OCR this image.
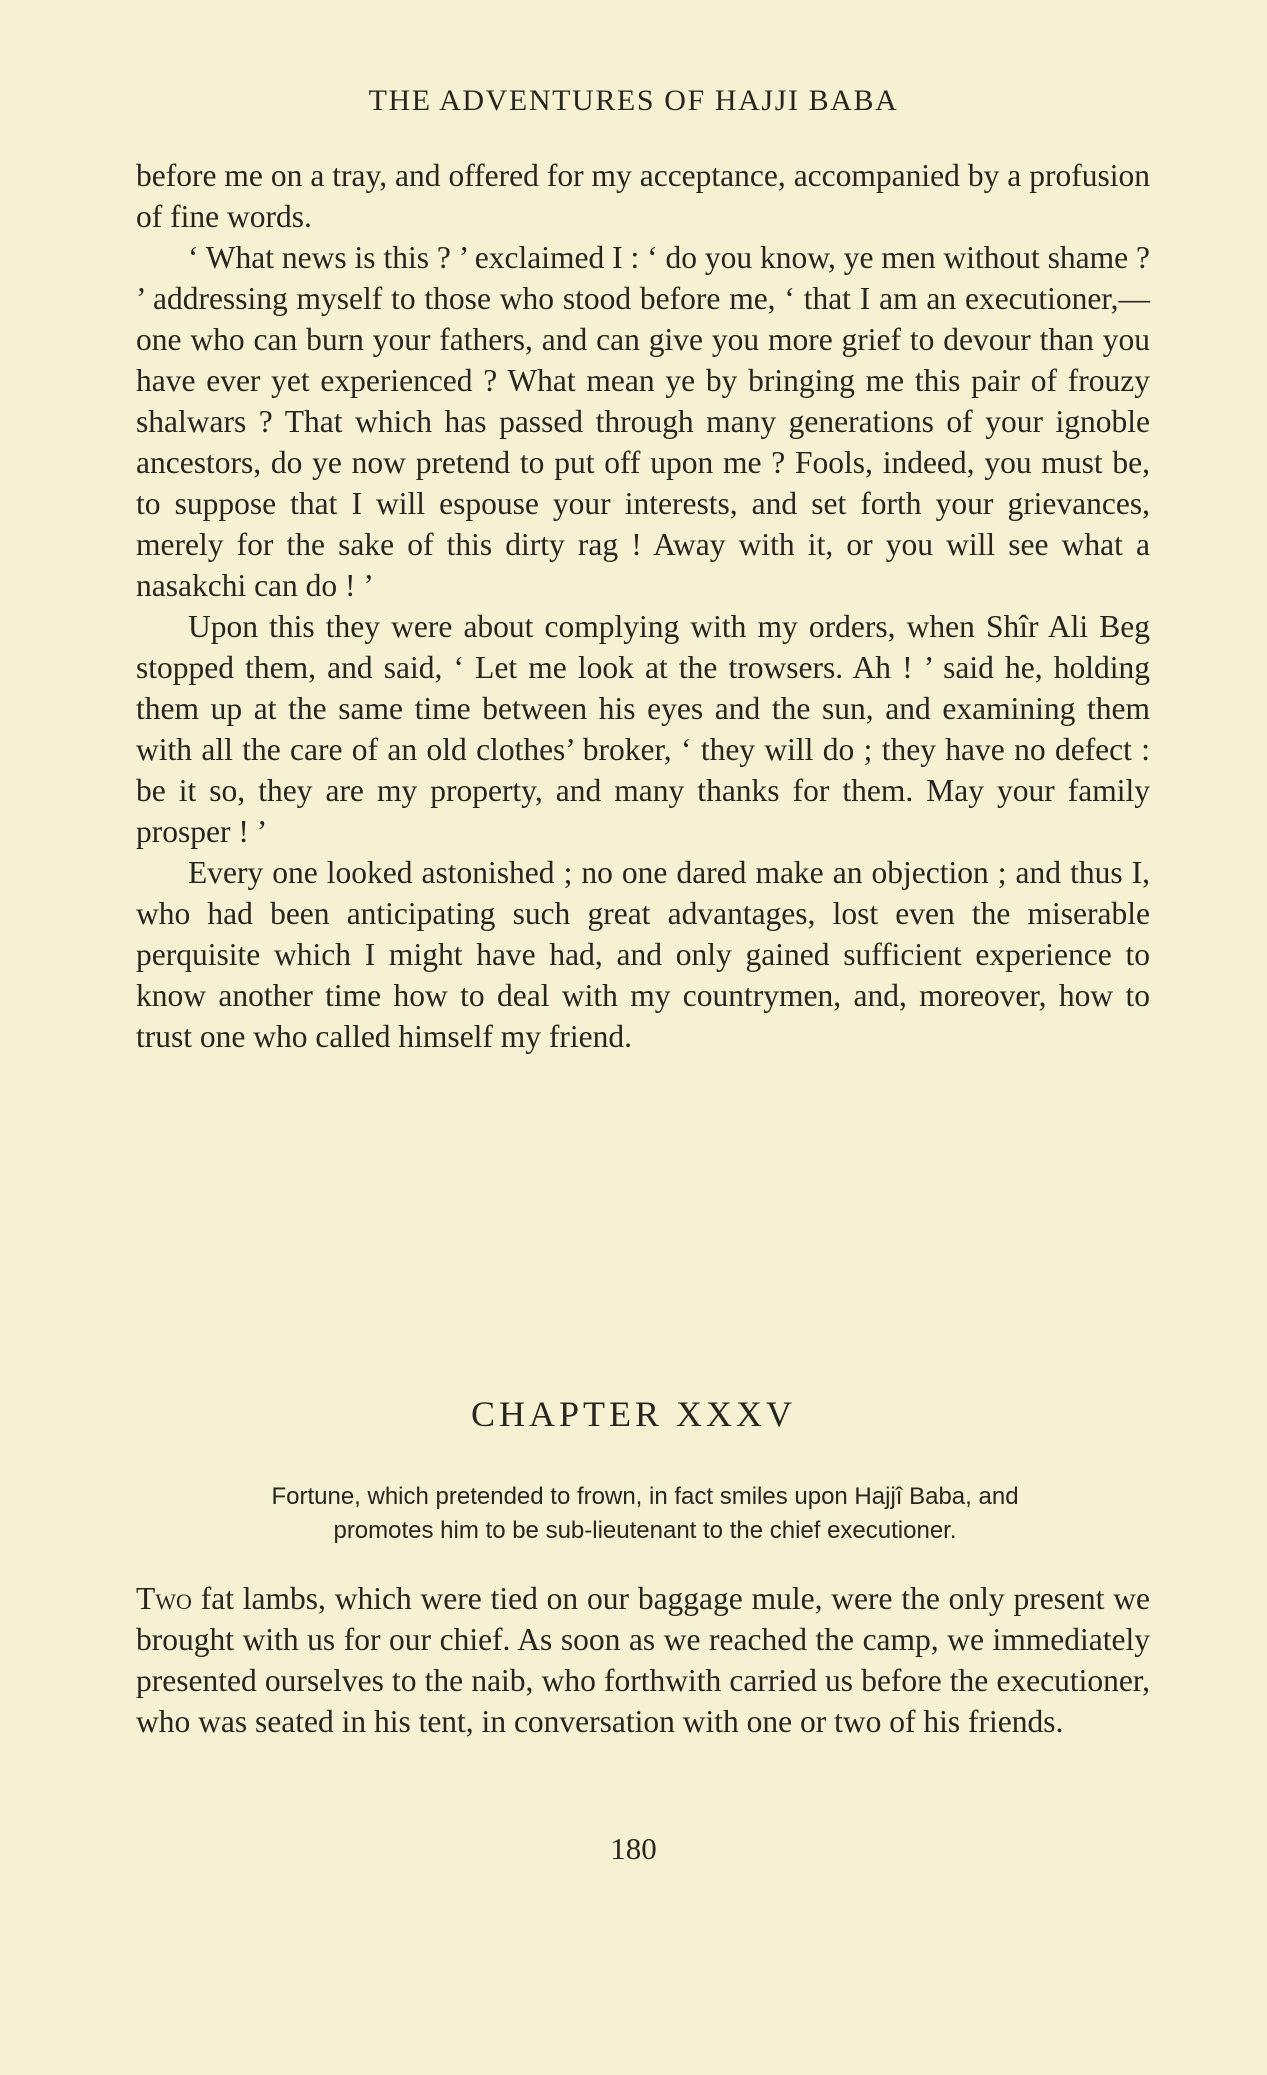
THE ADVENTURES OF HAJJI BABA

before me on a tray, and offered for my acceptance, accompanied by a profusion of fine words.

‘ What news is this ? ’ exclaimed I : ‘ do you know, ye men without shame ? ’ addressing myself to those who stood before me, ‘ that I am an executioner,—one who can burn your fathers, and can give you more grief to devour than you have ever yet experienced ? What mean ye by bringing me this pair of frouzy shalwars ? That which has passed through many generations of your ignoble ancestors, do ye now pretend to put off upon me ? Fools, indeed, you must be, to suppose that I will espouse your interests, and set forth your grievances, merely for the sake of this dirty rag ! Away with it, or you will see what a nasakchi can do ! ’

Upon this they were about complying with my orders, when Shîr Ali Beg stopped them, and said, ‘ Let me look at the trowsers. Ah ! ’ said he, holding them up at the same time between his eyes and the sun, and examining them with all the care of an old clothes’ broker, ‘ they will do ; they have no defect : be it so, they are my property, and many thanks for them. May your family prosper ! ’

Every one looked astonished ; no one dared make an objection ; and thus I, who had been anticipating such great advantages, lost even the miserable perquisite which I might have had, and only gained sufficient experience to know another time how to deal with my countrymen, and, moreover, how to trust one who called himself my friend.

CHAPTER XXXV
Fortune, which pretended to frown, in fact smiles upon Hajjî Baba, and
promotes him to be sub-lieutenant to the chief executioner.

Two fat lambs, which were tied on our baggage mule, were the only present we brought with us for our chief. As soon as we reached the camp, we immediately presented ourselves to the naib, who forthwith carried us before the executioner, who was seated in his tent, in conversation with one or two of his friends.

180
